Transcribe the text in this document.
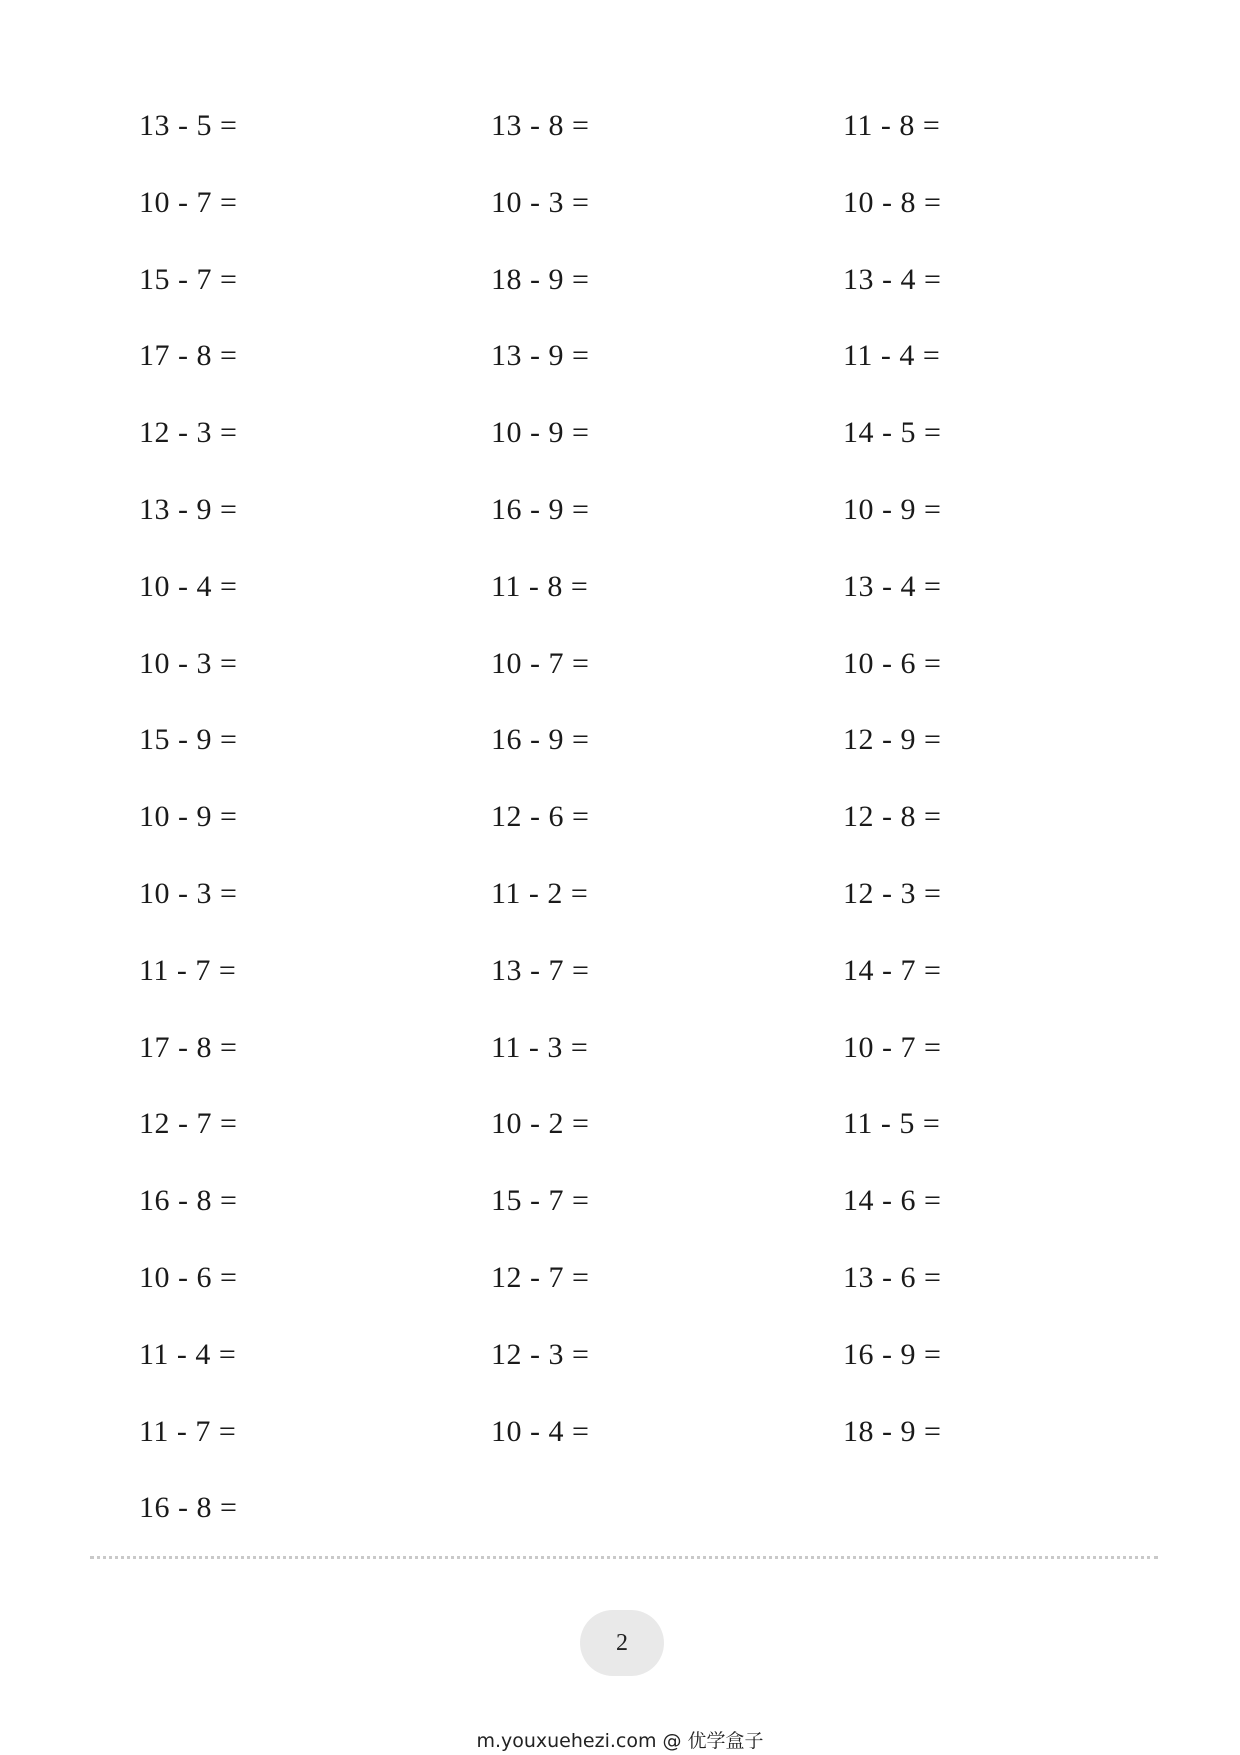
13 - 5 =
10 - 7 =
15 - 7 =
17 - 8 =
12 - 3 =
13 - 9 =
10 - 4 =
10 - 3 =
15 - 9 =
10 - 9 =
10 - 3 =
11 - 7 =
17 - 8 =
12 - 7 =
16 - 8 =
10 - 6 =
11 - 4 =
11 - 7 =
16 - 8 =
13 - 8 =
10 - 3 =
18 - 9 =
13 - 9 =
10 - 9 =
16 - 9 =
11 - 8 =
10 - 7 =
16 - 9 =
12 - 6 =
11 - 2 =
13 - 7 =
11 - 3 =
10 - 2 =
15 - 7 =
12 - 7 =
12 - 3 =
10 - 4 =
11 - 8 =
10 - 8 =
13 - 4 =
11 - 4 =
14 - 5 =
10 - 9 =
13 - 4 =
10 - 6 =
12 - 9 =
12 - 8 =
12 - 3 =
14 - 7 =
10 - 7 =
11 - 5 =
14 - 6 =
13 - 6 =
16 - 9 =
18 - 9 =
2
m.youxuehezi.com @ 优学盒子
